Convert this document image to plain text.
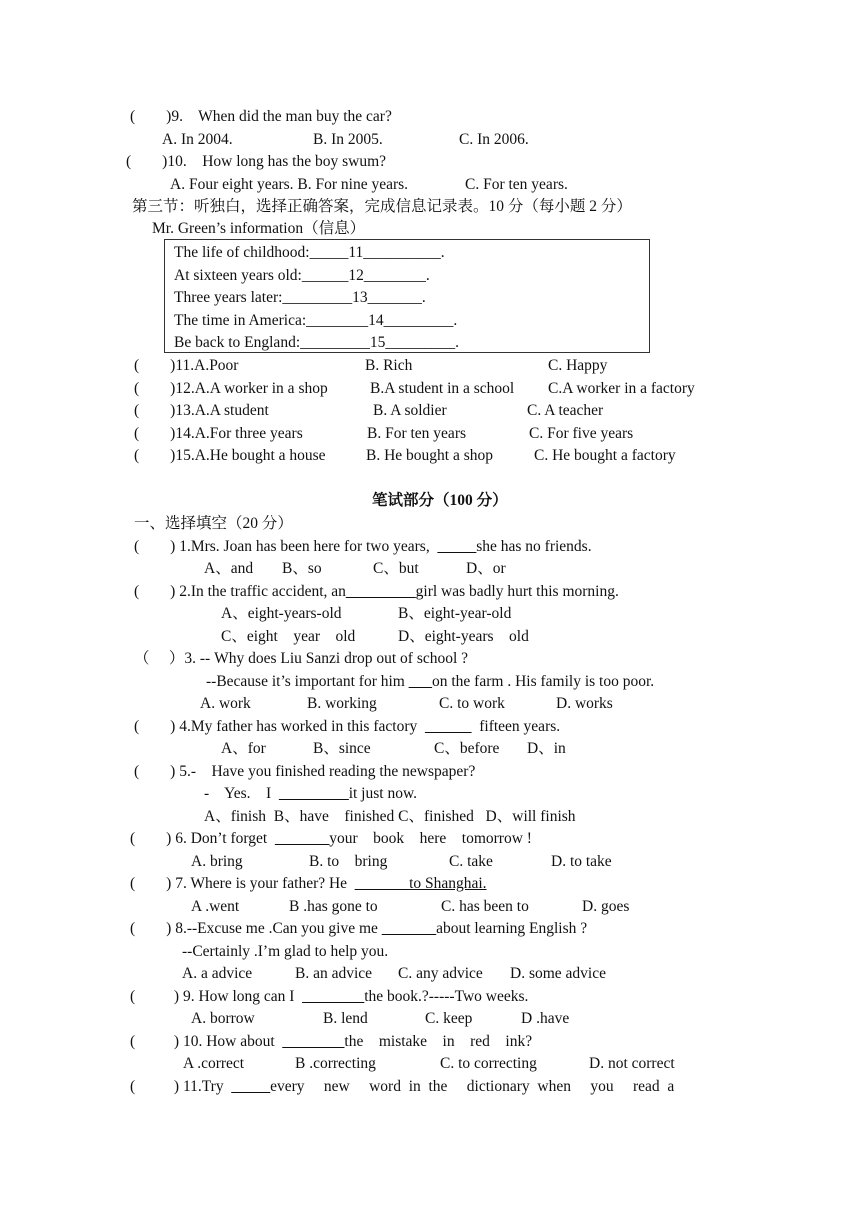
(        )9.    When did the man buy the car?
A. In 2004.	B. In 2005.	C. In 2006.
(        )10.    How long has the boy swum?
A. Four eight years. B. For nine years.	C. For ten years.
第三节：听独白，选择正确答案，完成信息记录表。10 分（每小题 2 分）
Mr. Green’s information（信息）
The life of childhood:_____11__________.
At sixteen years old:______12________.
Three years later:_________13_______.
The time in America:________14_________.
Be back to England:_________15_________.
(        )11.A.Poor	B. Rich	C. Happy
(        )12.A.A worker in a shop	B.A student in a school C.A worker in a factory
(        )13.A.A student	B. A soldier	C. A teacher
(        )14.A.For three years	B. For ten years	C. For five years
(        )15.A.He bought a house	B. He bought a shop	C. He bought a factory
笔试部分（100 分）
一、选择填空（20 分）
(        ) 1.Mrs. Joan has been here for two years,  _____she has no friends.
A、and B、so	C、but	D、or
(        ) 2.In the traffic accident, an_________girl was badly hurt this morning.
A、eight-years-old	B、eight-year-old
C、eight    year    old	D、eight-years    old
（     ）3. -- Why does Liu Sanzi drop out of school ?
--Because it’s important for him ___on the farm . His family is too poor.
A. work	B. working	C. to work	D. works
(        ) 4.My father has worked in this factory  ______  fifteen years.
A、for	B、since	C、before D、in
(        ) 5.-    Have you finished reading the newspaper?
-    Yes.    I  _________it just now.
A、finish  B、have    finished C、finished   D、will finish
(        ) 6. Don’t forget  _______your    book    here    tomorrow !
A. bring	B. to    bring	C. take	D. to take
(        ) 7. Where is your father? He  _______to Shanghai.
A .went	B .has gone to	C. has been to	D. goes
(        ) 8.--Excuse me .Can you give me _______about learning English ?
--Certainly .I’m glad to help you.
A. a advice	B. an advice C. any advice D. some advice
(          ) 9. How long can I  ________the book.?-----Two weeks.
A. borrow	B. lend	C. keep	D .have
(          ) 10. How about  ________the    mistake    in    red    ink?
A .correct	B .correcting	C. to correcting	D. not correct
(          ) 11.Try  _____every     new     word  in  the     dictionary  when     you     read  a
